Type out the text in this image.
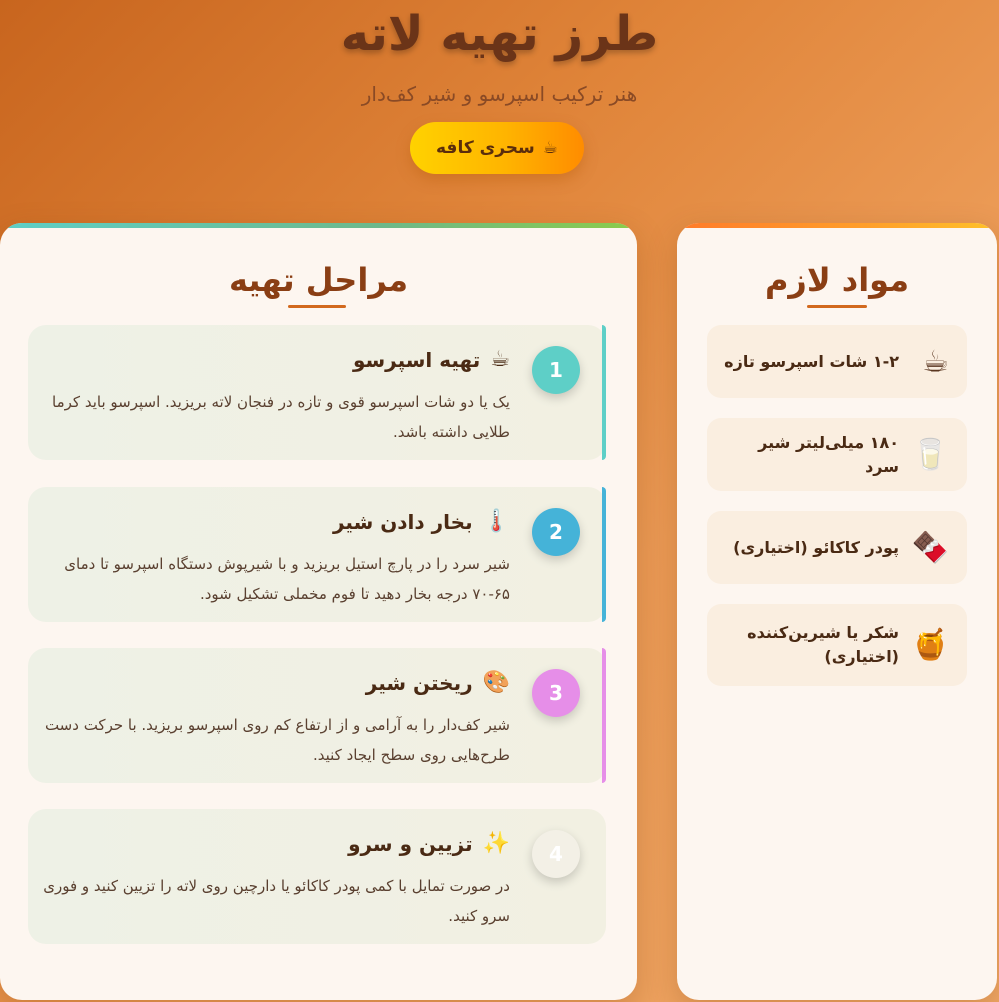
طرز تهیه لاته

هنر ترکیب اسپرسو و شیر کف‌دار

☕
سحری کافه
مراحل تهیه
1
☕
تهیه اسپرسو

یک یا دو شات اسپرسو قوی و تازه در فنجان لاته بریزید. اسپرسو باید کرما طلایی داشته باشد.

2
🌡️
بخار دادن شیر

شیر سرد را در پارچ استیل بریزید و با شیرپوش دستگاه اسپرسو تا دمای ۶۵-۷۰ درجه بخار دهید تا فوم مخملی تشکیل شود.

3
🎨
ریختن شیر

شیر کف‌دار را به آرامی و از ارتفاع کم روی اسپرسو بریزید. با حرکت دست طرح‌هایی روی سطح ایجاد کنید.

4
✨
تزیین و سرو

در صورت تمایل با کمی پودر کاکائو یا دارچین روی لاته را تزیین کنید و فوری سرو کنید.

مواد لازم
☕
۱-۲ شات اسپرسو تازه
🥛
۱۸۰ میلی‌لیتر شیر سرد
🍫
پودر کاکائو (اختیاری)
🍯
شکر یا شیرین‌کننده (اختیاری)
